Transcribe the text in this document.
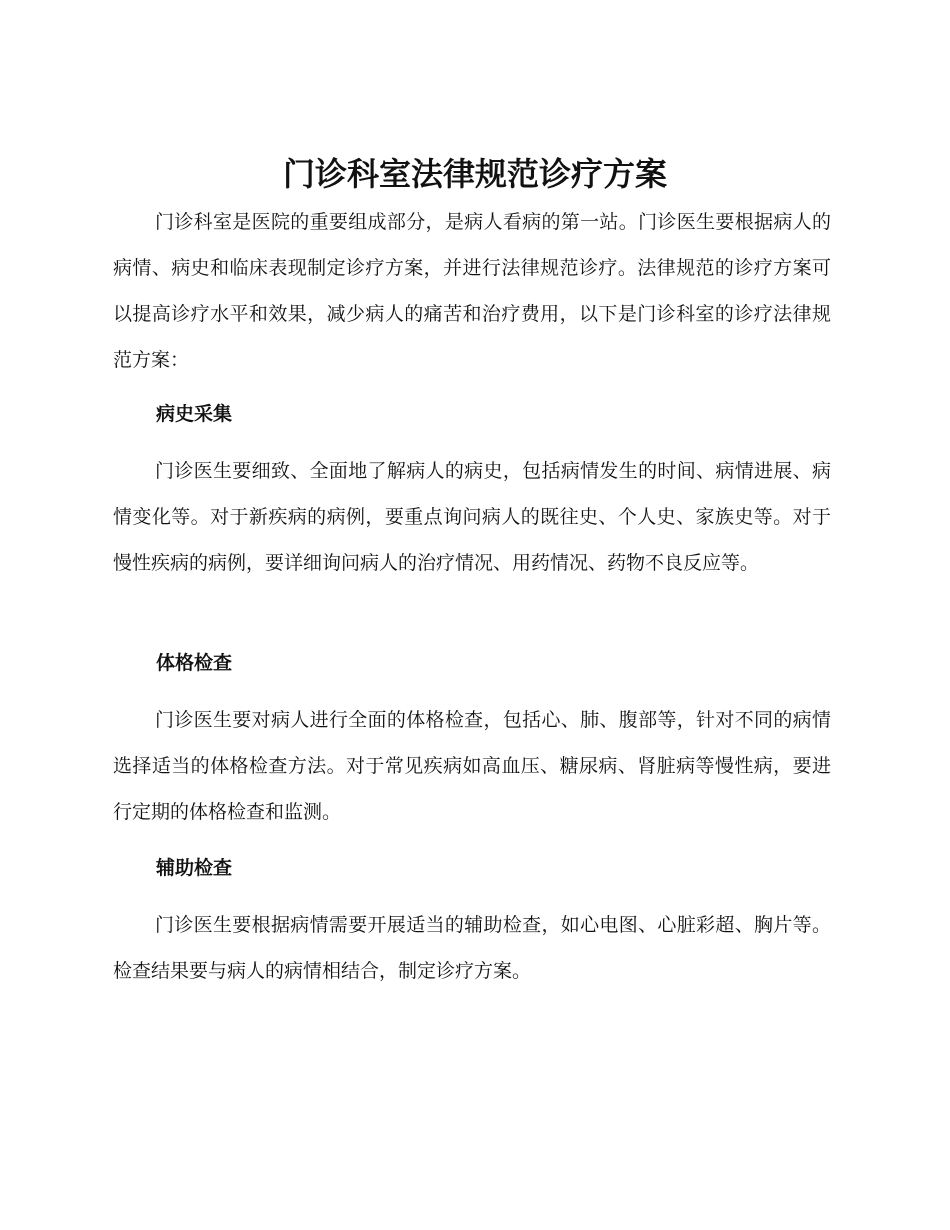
门诊科室法律规范诊疗方案

门诊科室是医院的重要组成部分，是病人看病的第一站。门诊医生要根据病人的病情、病史和临床表现制定诊疗方案，并进行法律规范诊疗。法律规范的诊疗方案可以提高诊疗水平和效果，减少病人的痛苦和治疗费用，以下是门诊科室的诊疗法律规范方案：

病史采集

门诊医生要细致、全面地了解病人的病史，包括病情发生的时间、病情进展、病情变化等。对于新疾病的病例，要重点询问病人的既往史、个人史、家族史等。对于慢性疾病的病例，要详细询问病人的治疗情况、用药情况、药物不良反应等。

体格检查

门诊医生要对病人进行全面的体格检查，包括心、肺、腹部等，针对不同的病情选择适当的体格检查方法。对于常见疾病如高血压、糖尿病、肾脏病等慢性病，要进行定期的体格检查和监测。

辅助检查

门诊医生要根据病情需要开展适当的辅助检查，如心电图、心脏彩超、胸片等。检查结果要与病人的病情相结合，制定诊疗方案。
